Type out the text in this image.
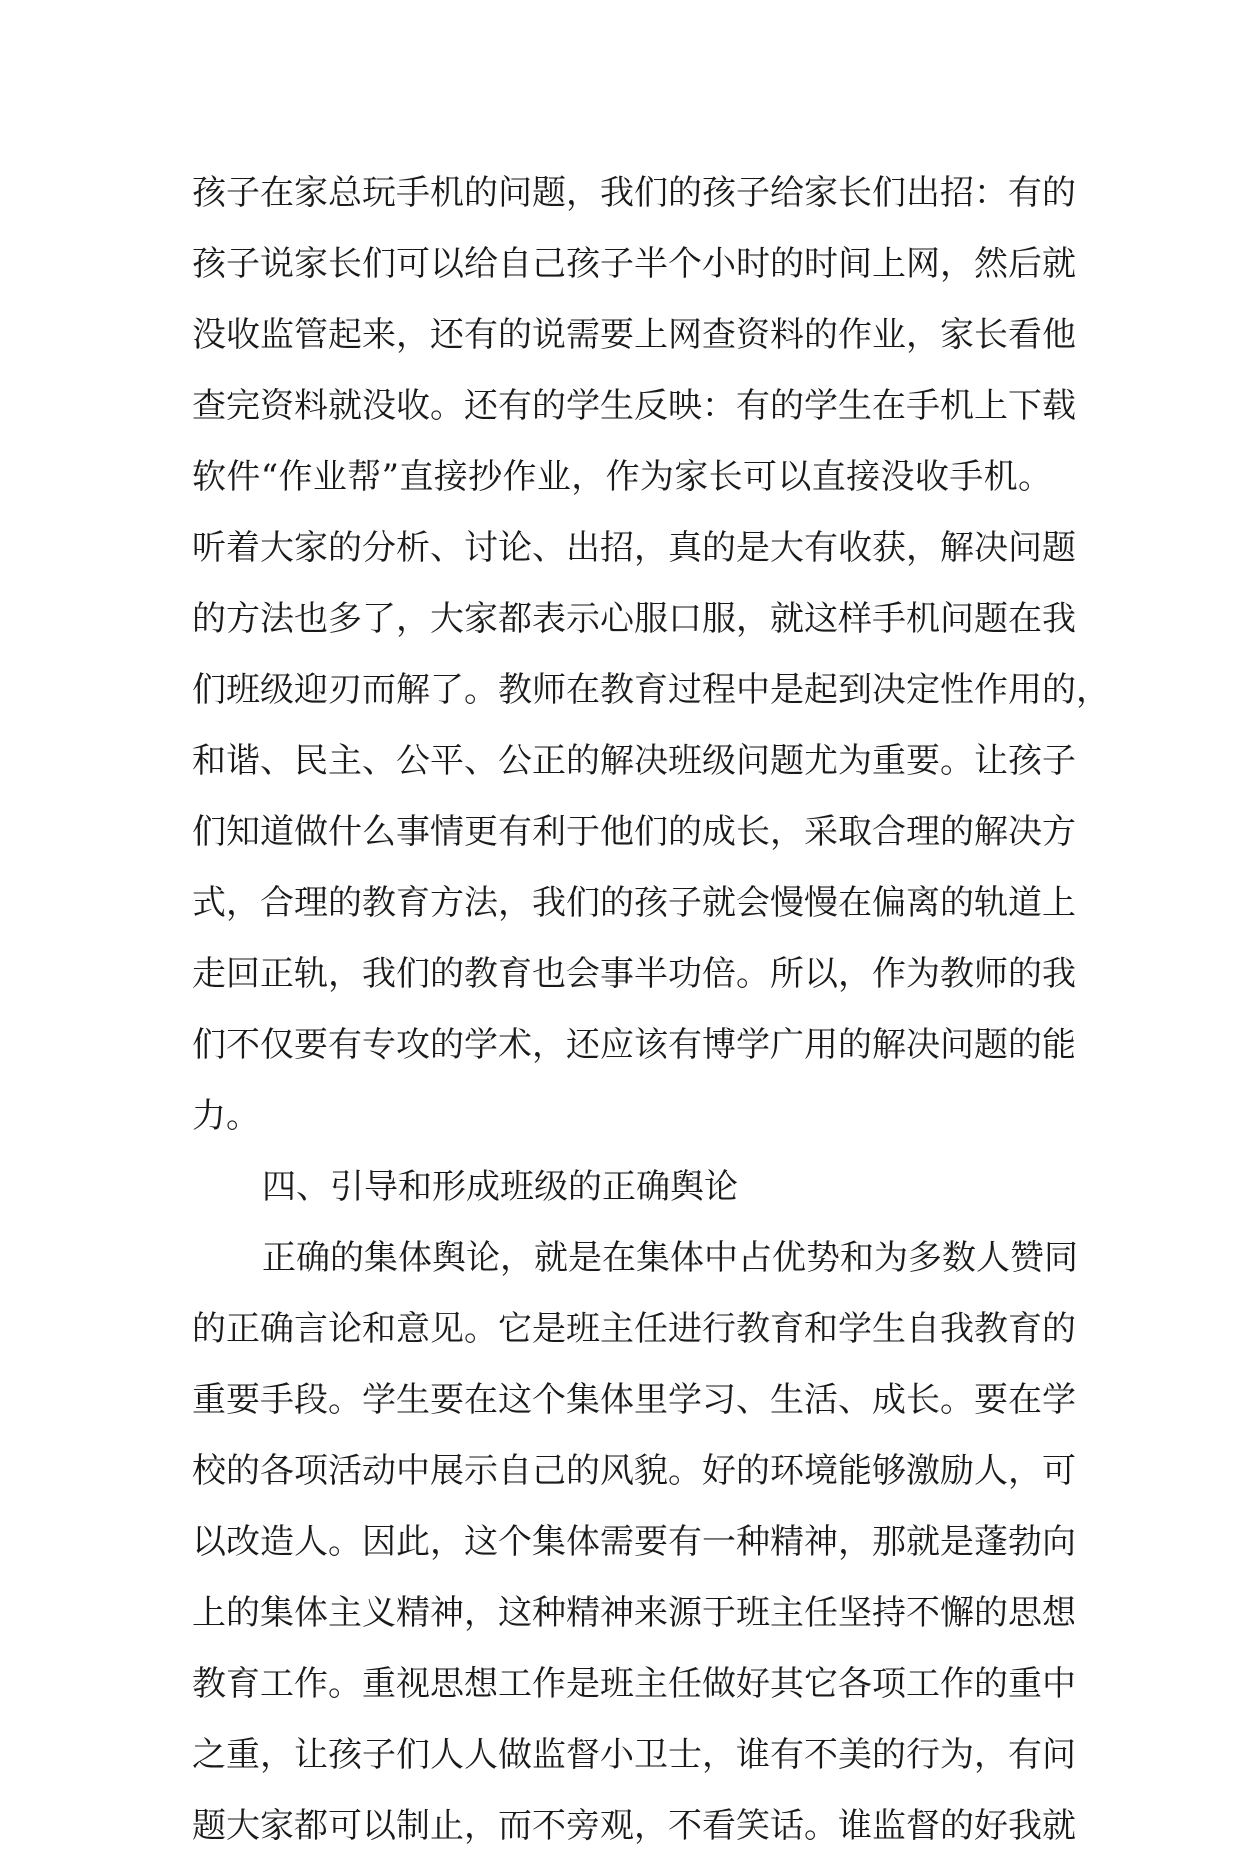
孩子在家总玩手机的问题，我们的孩子给家长们出招：有的
孩子说家长们可以给自己孩子半个小时的时间上网，然后就
没收监管起来，还有的说需要上网查资料的作业，家长看他
查完资料就没收。还有的学生反映：有的学生在手机上下载
软件“作业帮”直接抄作业，作为家长可以直接没收手机。
听着大家的分析、讨论、出招，真的是大有收获，解决问题
的方法也多了，大家都表示心服口服，就这样手机问题在我
们班级迎刃而解了。教师在教育过程中是起到决定性作用的，
和谐、民主、公平、公正的解决班级问题尤为重要。让孩子
们知道做什么事情更有利于他们的成长，采取合理的解决方
式，合理的教育方法，我们的孩子就会慢慢在偏离的轨道上
走回正轨，我们的教育也会事半功倍。所以，作为教师的我
们不仅要有专攻的学术，还应该有博学广用的解决问题的能
力。
四、引导和形成班级的正确舆论
正确的集体舆论，就是在集体中占优势和为多数人赞同
的正确言论和意见。它是班主任进行教育和学生自我教育的
重要手段。学生要在这个集体里学习、生活、成长。要在学
校的各项活动中展示自己的风貌。好的环境能够激励人，可
以改造人。因此，这个集体需要有一种精神，那就是蓬勃向
上的集体主义精神，这种精神来源于班主任坚持不懈的思想
教育工作。重视思想工作是班主任做好其它各项工作的重中
之重，让孩子们人人做监督小卫士，谁有不美的行为，有问
题大家都可以制止，而不旁观，不看笑话。谁监督的好我就
